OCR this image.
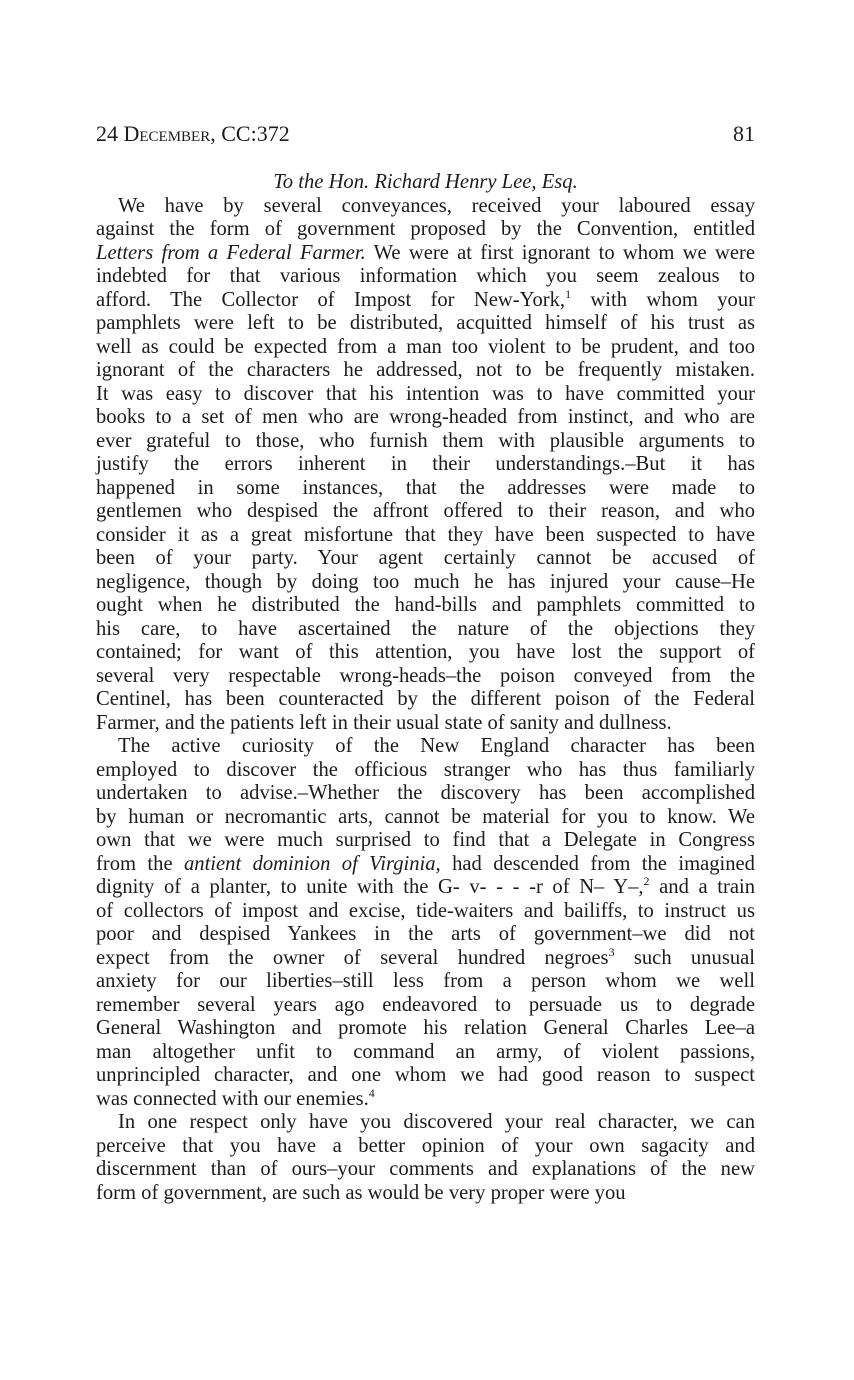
24 December, CC:372	81
To the Hon. Richard Henry Lee, Esq.
We have by several conveyances, received your laboured essay
against the form of government proposed by the Convention, entitled
Letters from a Federal Farmer. We were at first ignorant to whom we were
indebted for that various information which you seem zealous to
afford. The Collector of Impost for New-York,$^1$ with whom your
pamphlets were left to be distributed, acquitted himself of his trust as
well as could be expected from a man too violent to be prudent, and too
ignorant of the characters he addressed, not to be frequently mistaken.
It was easy to discover that his intention was to have committed your
books to a set of men who are wrong-headed from instinct, and who are
ever grateful to those, who furnish them with plausible arguments to
justify the errors inherent in their understandings.–But it has
happened in some instances, that the addresses were made to
gentlemen who despised the affront offered to their reason, and who
consider it as a great misfortune that they have been suspected to have
been of your party. Your agent certainly cannot be accused of
negligence, though by doing too much he has injured your cause–He
ought when he distributed the hand-bills and pamphlets committed to
his care, to have ascertained the nature of the objections they
contained; for want of this attention, you have lost the support of
several very respectable wrong-heads–the poison conveyed from the
Centinel, has been counteracted by the different poison of the Federal
Farmer, and the patients left in their usual state of sanity and dullness.
The active curiosity of the New England character has been
employed to discover the officious stranger who has thus familiarly
undertaken to advise.–Whether the discovery has been accomplished
by human or necromantic arts, cannot be material for you to know. We
own that we were much surprised to find that a Delegate in Congress
from the antient dominion of Virginia, had descended from the imagined
dignity of a planter, to unite with the G- v- - - -r of N– Y–,$^2$ and a train
of collectors of impost and excise, tide-waiters and bailiffs, to instruct us
poor and despised Yankees in the arts of government–we did not
expect from the owner of several hundred negroes$^3$ such unusual
anxiety for our liberties–still less from a person whom we well
remember several years ago endeavored to persuade us to degrade
General Washington and promote his relation General Charles Lee–a
man altogether unfit to command an army, of violent passions,
unprincipled character, and one whom we had good reason to suspect
was connected with our enemies.$^4$
In one respect only have you discovered your real character, we can
perceive that you have a better opinion of your own sagacity and
discernment than of ours–your comments and explanations of the new
form of government, are such as would be very proper were you
